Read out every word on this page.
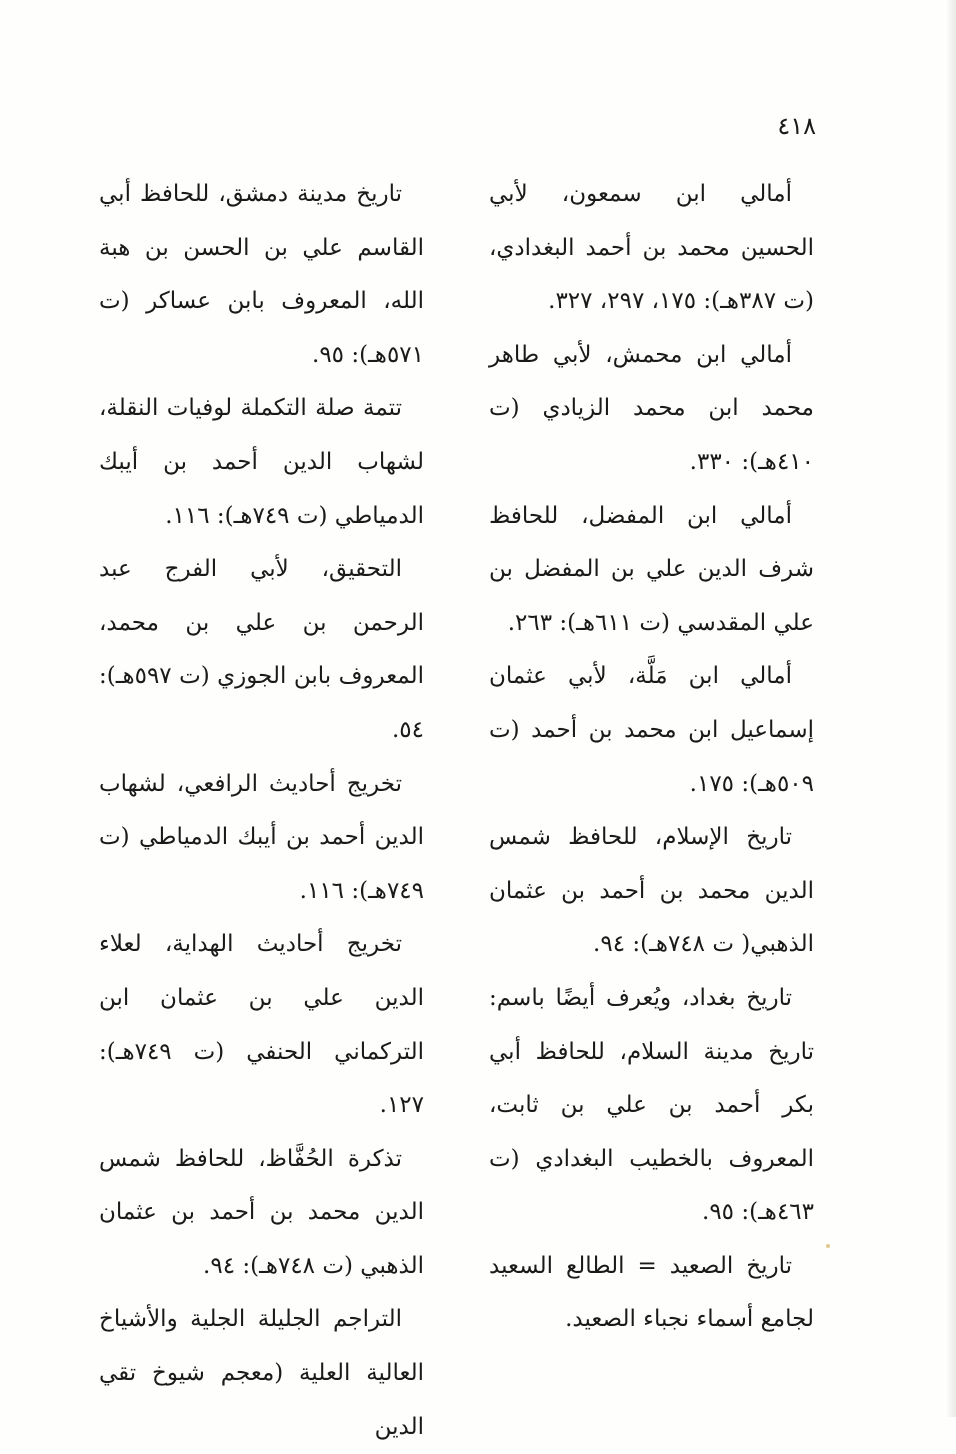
٤١٨

أمالي ابن سمعون، لأبي الحسين محمد بن أحمد البغدادي، (ت ٣٨٧هـ): ١٧٥، ٢٩٧، ٣٢٧.

أمالي ابن محمش، لأبي طاهر محمد ابن محمد الزيادي (ت ٤١٠هـ): ٣٣٠.

أمالي ابن المفضل، للحافظ شرف الدين علي بن المفضل بن علي المقدسي (ت ٦١١هـ): ٢٦٣.

أمالي ابن مَلَّة، لأبي عثمان إسماعيل ابن محمد بن أحمد (ت ٥٠٩هـ): ١٧٥.

تاريخ الإسلام، للحافظ شمس الدين محمد بن أحمد بن عثمان الذهبي( ت ٧٤٨هـ): ٩٤.

تاريخ بغداد، ويُعرف أيضًا باسم: تاريخ مدينة السلام، للحافظ أبي بكر أحمد بن علي بن ثابت، المعروف بالخطيب البغدادي (ت ٤٦٣هـ): ٩٥.

تاريخ الصعيد = الطالع السعيد لجامع أسماء نجباء الصعيد.

تاريخ مدينة دمشق، للحافظ أبي القاسم علي بن الحسن بن هبة الله، المعروف بابن عساكر (ت ٥٧١هـ): ٩٥.

تتمة صلة التكملة لوفيات النقلة، لشهاب الدين أحمد بن أيبك الدمياطي (ت ٧٤٩هـ): ١١٦.

التحقيق، لأبي الفرج عبد الرحمن بن علي بن محمد، المعروف بابن الجوزي (ت ٥٩٧هـ): ٥٤.

تخريج أحاديث الرافعي، لشهاب الدين أحمد بن أيبك الدمياطي (ت ٧٤٩هـ): ١١٦.

تخريج أحاديث الهداية، لعلاء الدين علي بن عثمان ابن التركماني الحنفي (ت ٧٤٩هـ): ١٢٧.

تذكرة الحُفَّاظ، للحافظ شمس الدين محمد بن أحمد بن عثمان الذهبي (ت ٧٤٨هـ): ٩٤.

التراجم الجليلة الجلية والأشياخ العالية العلية (معجم شيوخ تقي الدين
